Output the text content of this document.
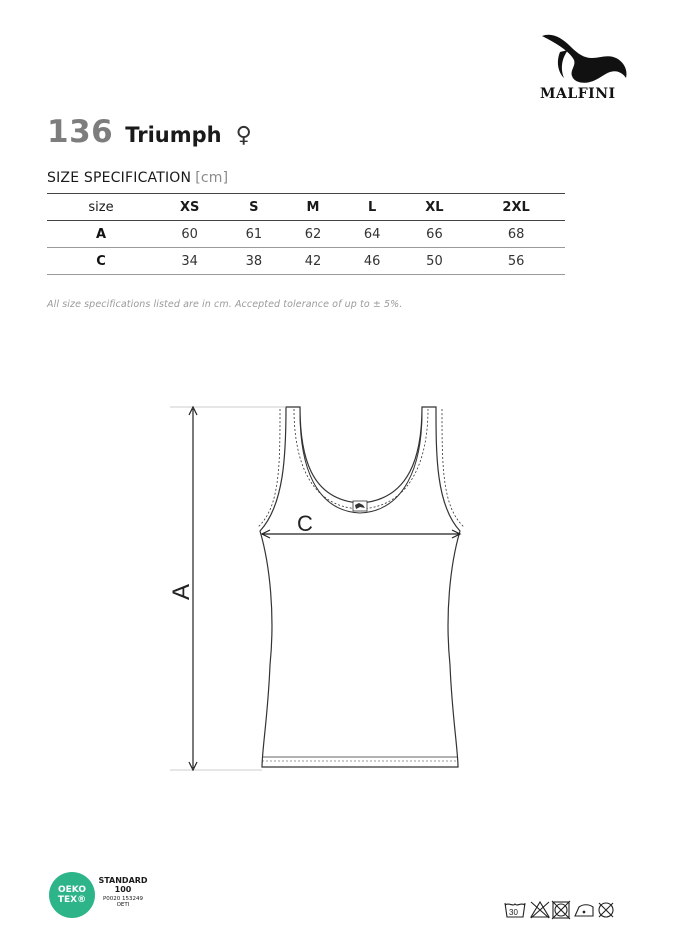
MALFINI
136 Triumph ♀
SIZE SPECIFICATION [cm]
size	XS	S	M	L	XL	2XL
A	60	61	62	64	66	68
C	34	38	42	46	50	56
All size specifications listed are in cm. Accepted tolerance of up to ± 5%.
A
C
OEKO
TEX®
STANDARD
100
P0020 153249
OETI
30
